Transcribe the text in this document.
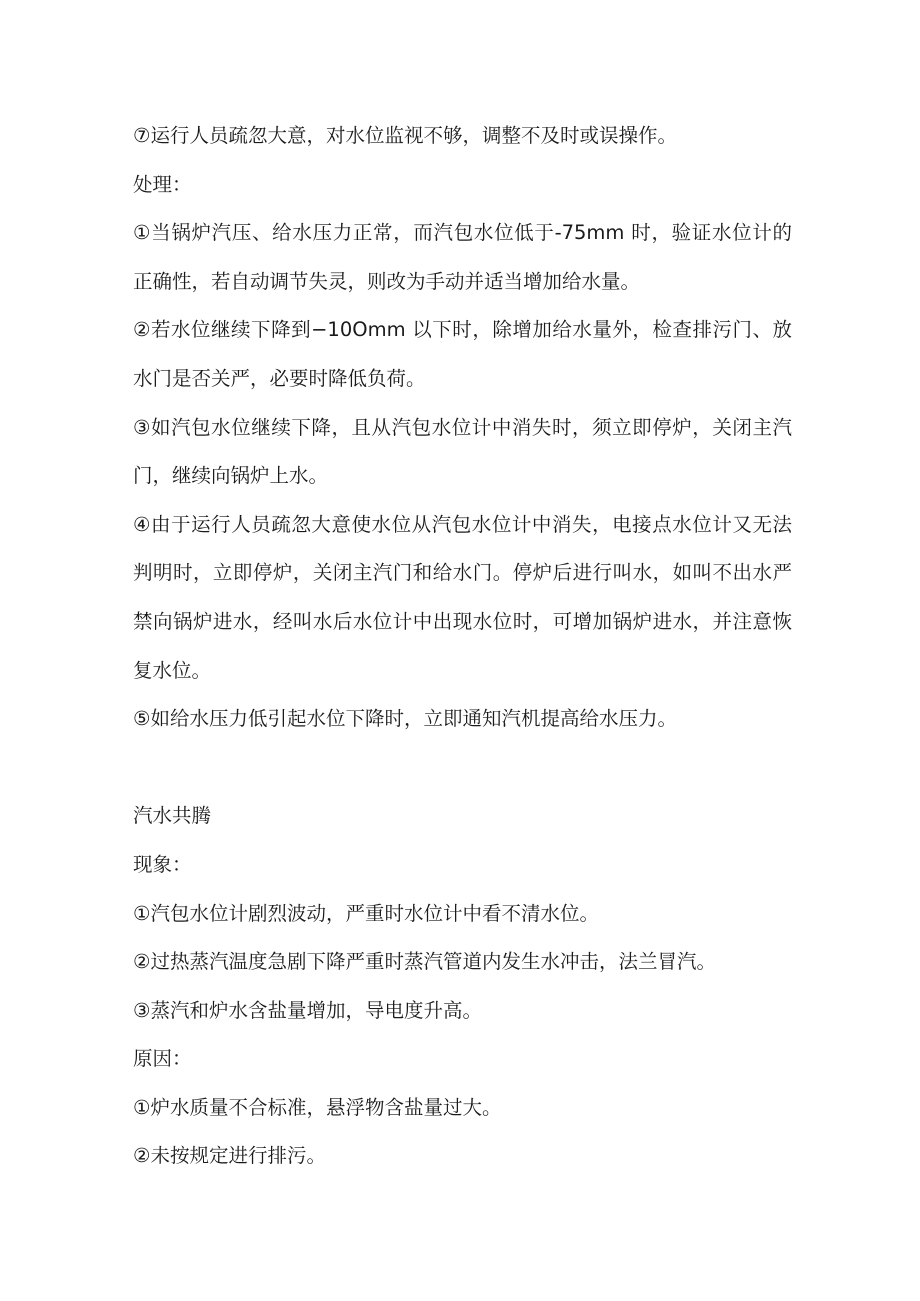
⑦运行人员疏忽大意，对水位监视不够，调整不及时或误操作。

处理：

①当锅炉汽压、给水压力正常，而汽包水位低于-75mm 时，验证水位计的

正确性，若自动调节失灵，则改为手动并适当增加给水量。

②若水位继续下降到−10Omm 以下时，除增加给水量外，检查排污门、放

水门是否关严，必要时降低负荷。

③如汽包水位继续下降，且从汽包水位计中消失时，须立即停炉，关闭主汽

门，继续向锅炉上水。

④由于运行人员疏忽大意使水位从汽包水位计中消失，电接点水位计又无法

判明时，立即停炉，关闭主汽门和给水门。停炉后进行叫水，如叫不出水严

禁向锅炉进水，经叫水后水位计中出现水位时，可增加锅炉进水，并注意恢

复水位。

⑤如给水压力低引起水位下降时，立即通知汽机提高给水压力。

汽水共腾

现象：

①汽包水位计剧烈波动，严重时水位计中看不清水位。

②过热蒸汽温度急剧下降严重时蒸汽管道内发生水冲击，法兰冒汽。

③蒸汽和炉水含盐量增加，导电度升高。

原因：

①炉水质量不合标准，悬浮物含盐量过大。

②未按规定进行排污。
